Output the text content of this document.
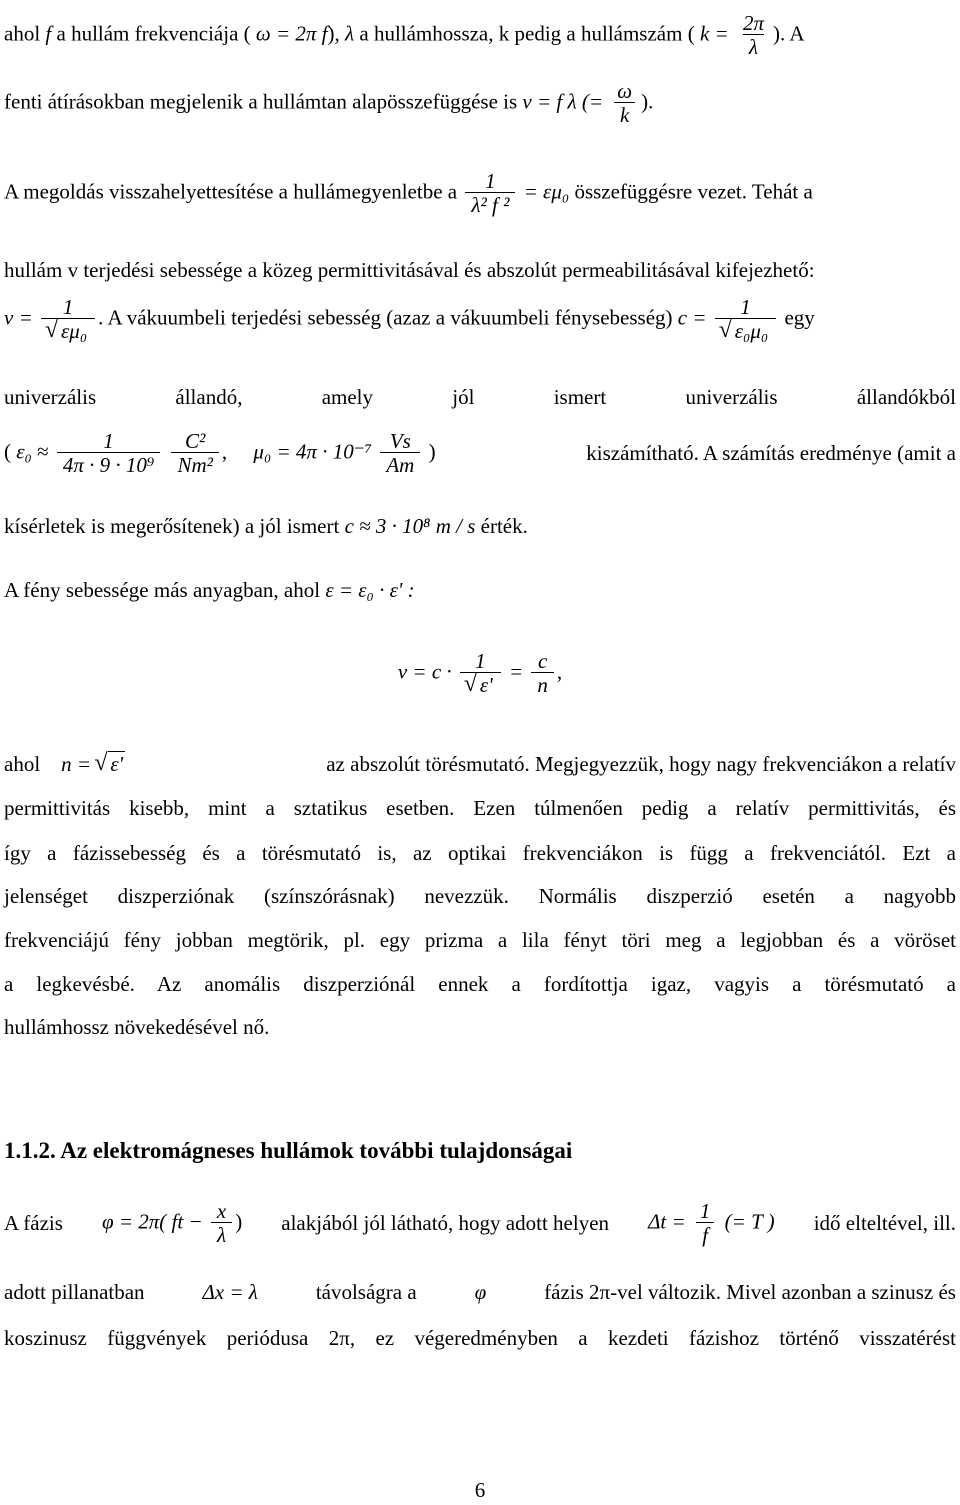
ahol f a hullám frekvenciája ( ω = 2π f), λ a hullámhossza, k pedig a hullámszám ( $k = \frac{2\pi}{\lambda}$ ). A
fenti átírásokban megjelenik a hullámtan alapösszefüggése is v = f λ (= $\frac{\omega}{k}$ ).
A megoldás visszahelyettesítése a hullámegyenletbe a $\frac{1}{\text{λ² f ²}} = \varepsilon\mu_0$ összefüggésre vezet. Tehát a
hullám v terjedési sebessége a közeg permittivitásával és abszolút permeabilitásával kifejezhető:
v = 1
√ εμ₀ . A vákuumbeli terjedési sebesség (azaz a vákuumbeli fénysebesség) c = 1
√ ε₀μ₀ egy
univerzális	állandó,	amely	jól	ismert	univerzális	állandókból
( $\varepsilon_0 \approx \frac{1}{\text{4π · 9 · 10⁹}}$
$\frac{\text{C²}}{\text{Nm²}}$ , $\mu_0 = 4\pi \cdot 10^{-7} \frac{Vs}{Am}$ )	kiszámítható. A számítás eredménye (amit a
kísérletek is megerősítenek) a jól ismert c ≈ 3 · 10⁸ m / s érték.
A fény sebessége más anyagban, ahol ε = ε₀ · ε' :
v = c · 1
√ $\varepsilon' = \frac{c}{n}$ ,
ahol n = √ ε'	az abszolút törésmutató. Megjegyezzük, hogy nagy frekvenciákon a relatív
permittivitás kisebb, mint a sztatikus esetben. Ezen túlmenően pedig a relatív permittivitás, és
így a fázissebesség és a törésmutató is, az optikai frekvenciákon is függ a frekvenciától. Ezt a
jelenséget diszperziónak (színszórásnak) nevezzük. Normális diszperzió esetén a nagyobb
frekvenciájú fény jobban megtörik, pl. egy prizma a lila fényt töri meg a legjobban és a vöröset
a legkevésbé. Az anomális diszperziónál ennek a fordítottja igaz, vagyis a törésmutató a
hullámhossz növekedésével nő.
1.1.2. Az elektromágneses hullámok további tulajdonságai
A fázis φ = 2π( ft − $\frac{x}{\lambda}$ ) alakjából jól látható, hogy adott helyen $\Delta t = \frac{1}{f}$ (= T ) idő elteltével, ill.
adott pillanatban	Δx = λ	távolságra a	φ	fázis 2π-vel változik. Mivel azonban a szinusz és
koszinusz függvények periódusa 2π, ez végeredményben a kezdeti fázishoz történő visszatérést
6
